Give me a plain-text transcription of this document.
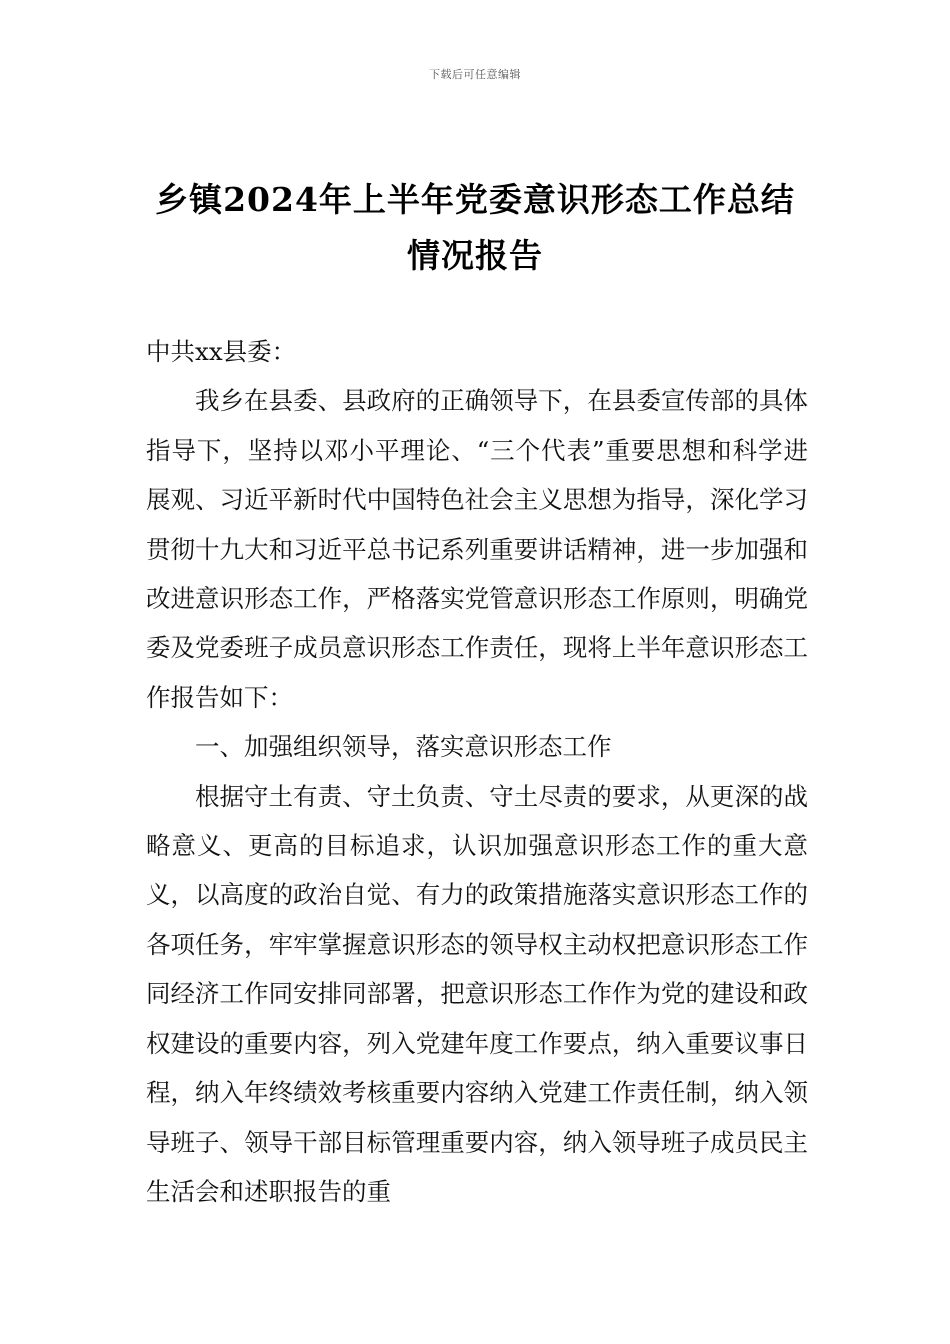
下载后可任意编辑
乡镇2024年上半年党委意识形态工作总结
情况报告

中共xx县委：

我乡在县委、县政府的正确领导下，在县委宣传部的具体指导下，坚持以邓小平理论、“三个代表”重要思想和科学进展观、习近平新时代中国特色社会主义思想为指导，深化学习贯彻十九大和习近平总书记系列重要讲话精神，进一步加强和改进意识形态工作，严格落实党管意识形态工作原则，明确党委及党委班子成员意识形态工作责任，现将上半年意识形态工作报告如下：

一、加强组织领导，落实意识形态工作

根据守土有责、守土负责、守土尽责的要求，从更深的战略意义、更高的目标追求，认识加强意识形态工作的重大意义，以高度的政治自觉、有力的政策措施落实意识形态工作的各项任务，牢牢掌握意识形态的领导权主动权把意识形态工作同经济工作同安排同部署，把意识形态工作作为党的建设和政权建设的重要内容，列入党建年度工作要点，纳入重要议事日程，纳入年终绩效考核重要内容纳入党建工作责任制，纳入领导班子、领导干部目标管理重要内容，纳入领导班子成员民主生活会和述职报告的重
